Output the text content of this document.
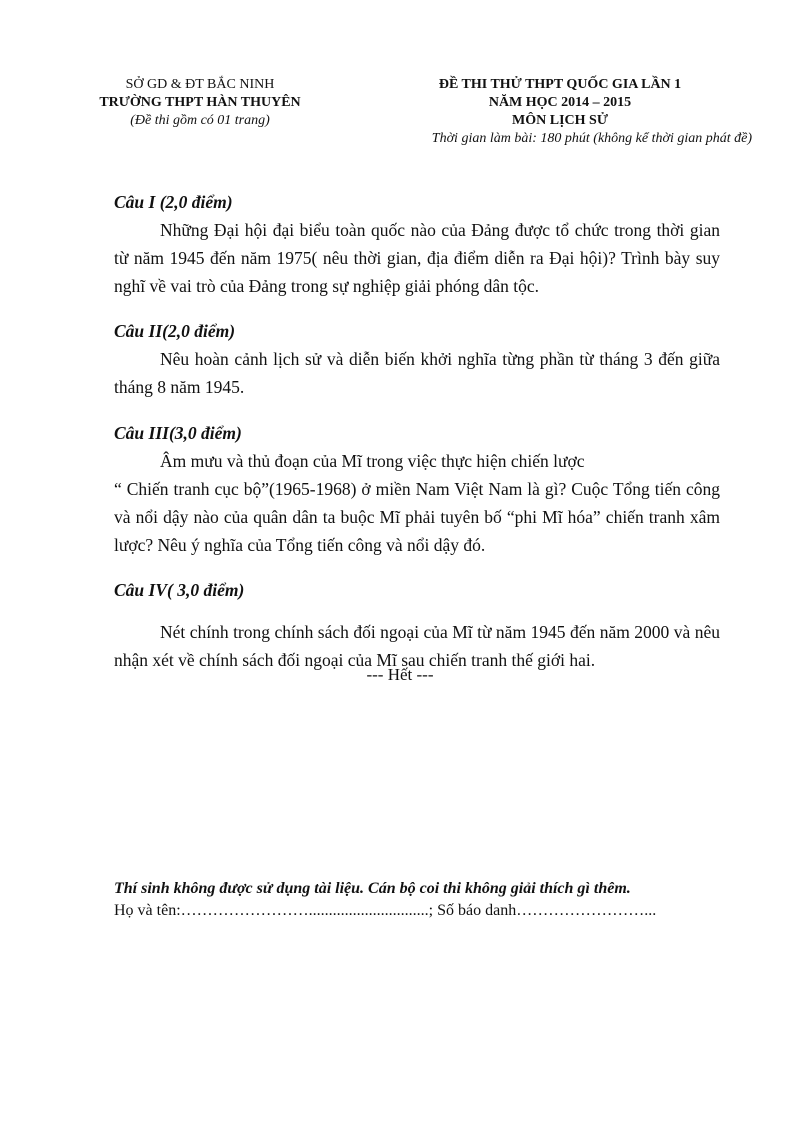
SỞ GD & ĐT BẮC NINH
TRƯỜNG THPT HÀN THUYÊN
(Đề thi gồm có 01 trang)
ĐỀ THI THỬ THPT QUỐC GIA LẦN 1
NĂM HỌC 2014 – 2015
MÔN LỊCH SỬ
Thời gian làm bài: 180 phút (không kể thời gian phát đề)

Câu I (2,0 điểm)

Những Đại hội đại biểu toàn quốc nào của Đảng được tổ chức trong thời gian từ năm 1945 đến năm 1975( nêu thời gian, địa điểm diễn ra Đại hội)? Trình bày suy nghĩ về vai trò của Đảng trong sự nghiệp giải phóng dân tộc.

Câu II(2,0 điểm)

Nêu hoàn cảnh lịch sử và diễn biến khởi nghĩa từng phần từ tháng 3 đến giữa tháng 8 năm 1945.

Câu III(3,0 điểm)

Âm mưu và thủ đoạn của Mĩ trong việc thực hiện chiến lược

“ Chiến tranh cục bộ”(1965-1968) ở miền Nam Việt Nam là gì? Cuộc Tổng tiến công và nổi dậy nào của quân dân ta buộc Mĩ phải tuyên bố “phi Mĩ hóa” chiến tranh xâm lược? Nêu ý nghĩa của Tổng tiến công và nổi dậy đó.

Câu IV( 3,0 điểm)

Nét chính trong chính sách đối ngoại của Mĩ từ năm 1945 đến năm 2000 và nêu nhận xét về chính sách đối ngoại của Mĩ sau chiến tranh thế giới hai.

--- Hết ---
Thí sinh không được sử dụng tài liệu. Cán bộ coi thi không giải thích gì thêm.
Họ và tên:……………………..............................; Số báo danh……………………...
